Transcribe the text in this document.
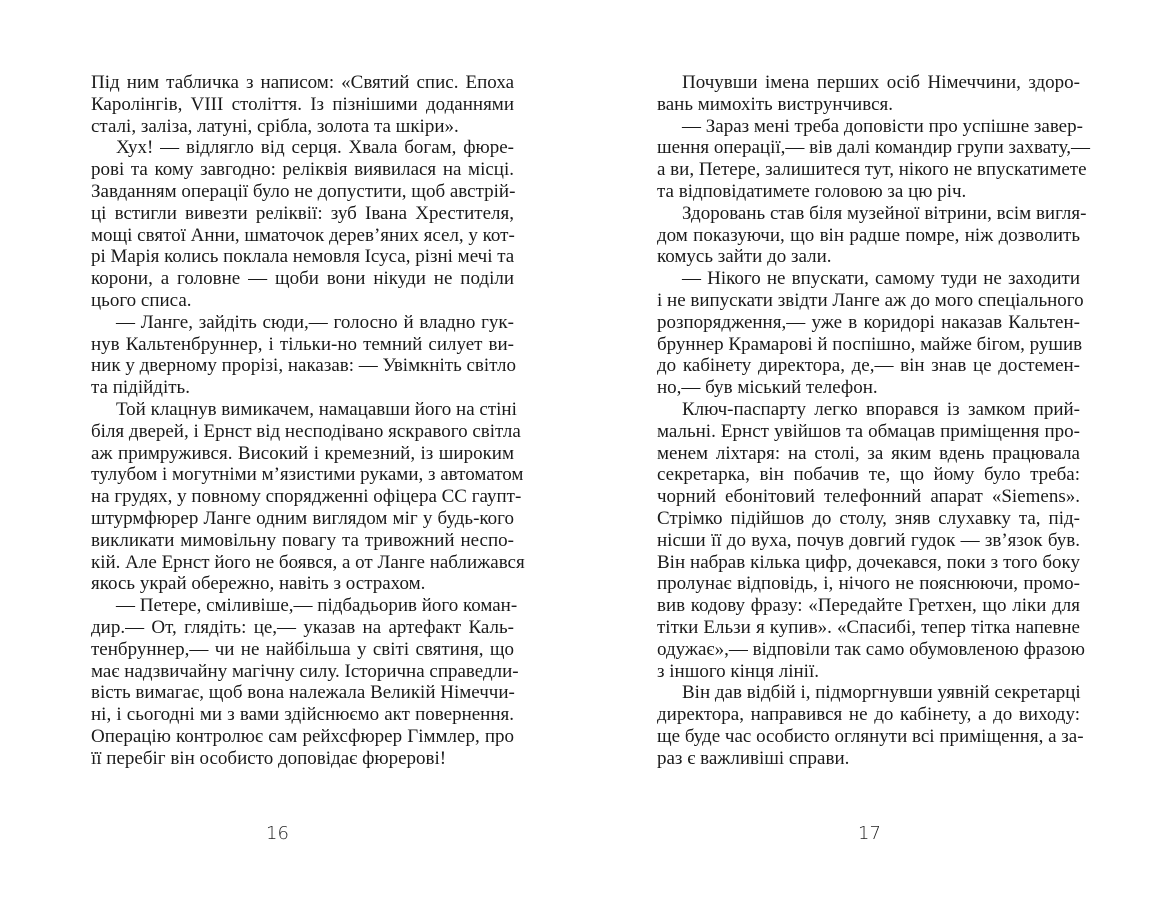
Під ним табличка з написом: «Святий спис. Епоха
Каролінгів, VIII століття. Із пізнішими доданнями
сталі, заліза, латуні, срібла, золота та шкіри».
Хух! — відлягло від серця. Хвала богам, фюре-
рові та кому завгодно: реліквія виявилася на місці.
Завданням операції було не допустити, щоб австрій-
ці встигли вивезти реліквії: зуб Івана Хрестителя,
мощі святої Анни, шматочок дерев’яних ясел, у кот-
рі Марія колись поклала немовля Ісуса, різні мечі та
корони, а головне — щоби вони нікуди не поділи
цього списа.
— Ланге, зайдіть сюди,— голосно й владно гук-
нув Кальтенбруннер, і тільки-но темний силует ви-
ник у дверному прорізі, наказав: — Увімкніть світло
та підійдіть.
Той клацнув вимикачем, намацавши його на стіні
біля дверей, і Ернст від несподівано яскравого світла
аж примружився. Високий і кремезний, із широким
тулубом і могутніми м’язистими руками, з автоматом
на грудях, у повному спорядженні офіцера СС гаупт-
штурмфюрер Ланге одним виглядом міг у будь-кого
викликати мимовільну повагу та тривожний неспо-
кій. Але Ернст його не боявся, а от Ланге наближався
якось украй обережно, навіть з острахом.
— Петере, сміливіше,— підбадьорив його коман-
дир.— От, глядіть: це,— указав на артефакт Каль-
тенбруннер,— чи не найбільша у світі святиня, що
має надзвичайну магічну силу. Історична справедли-
вість вимагає, щоб вона належала Великій Німеччи-
ні, і сьогодні ми з вами здійснюємо акт повернення.
Операцію контролює сам рейхсфюрер Гіммлер, про
її перебіг він особисто доповідає фюрерові!
Почувши імена перших осіб Німеччини, здоро-
вань мимохіть виструнчився.
— Зараз мені треба доповісти про успішне завер-
шення операції,— вів далі командир групи захвату,—
а ви, Петере, залишитеся тут, нікого не впускатимете
та відповідатимете головою за цю річ.
Здоровань став біля музейної вітрини, всім вигля-
дом показуючи, що він радше помре, ніж дозволить
комусь зайти до зали.
— Нікого не впускати, самому туди не заходити
і не випускати звідти Ланге аж до мого спеціального
розпорядження,— уже в коридорі наказав Кальтен-
бруннер Крамарові й поспішно, майже бігом, рушив
до кабінету директора, де,— він знав це достемен-
но,— був міський телефон.
Ключ-паспарту легко впорався із замком прий-
мальні. Ернст увійшов та обмацав приміщення про-
менем ліхтаря: на столі, за яким вдень працювала
секретарка, він побачив те, що йому було треба:
чорний ебонітовий телефонний апарат «Siemens».
Стрімко підійшов до столу, зняв слухавку та, під-
нісши її до вуха, почув довгий гудок — зв’язок був.
Він набрав кілька цифр, дочекався, поки з того боку
пролунає відповідь, і, нічого не пояснюючи, промо-
вив кодову фразу: «Передайте Гретхен, що ліки для
тітки Ельзи я купив». «Спасибі, тепер тітка напевне
одужає»,— відповіли так само обумовленою фразою
з іншого кінця лінії.
Він дав відбій і, підморгнувши уявній секретарці
директора, направився не до кабінету, а до виходу:
ще буде час особисто оглянути всі приміщення, а за-
раз є важливіші справи.
16	17
